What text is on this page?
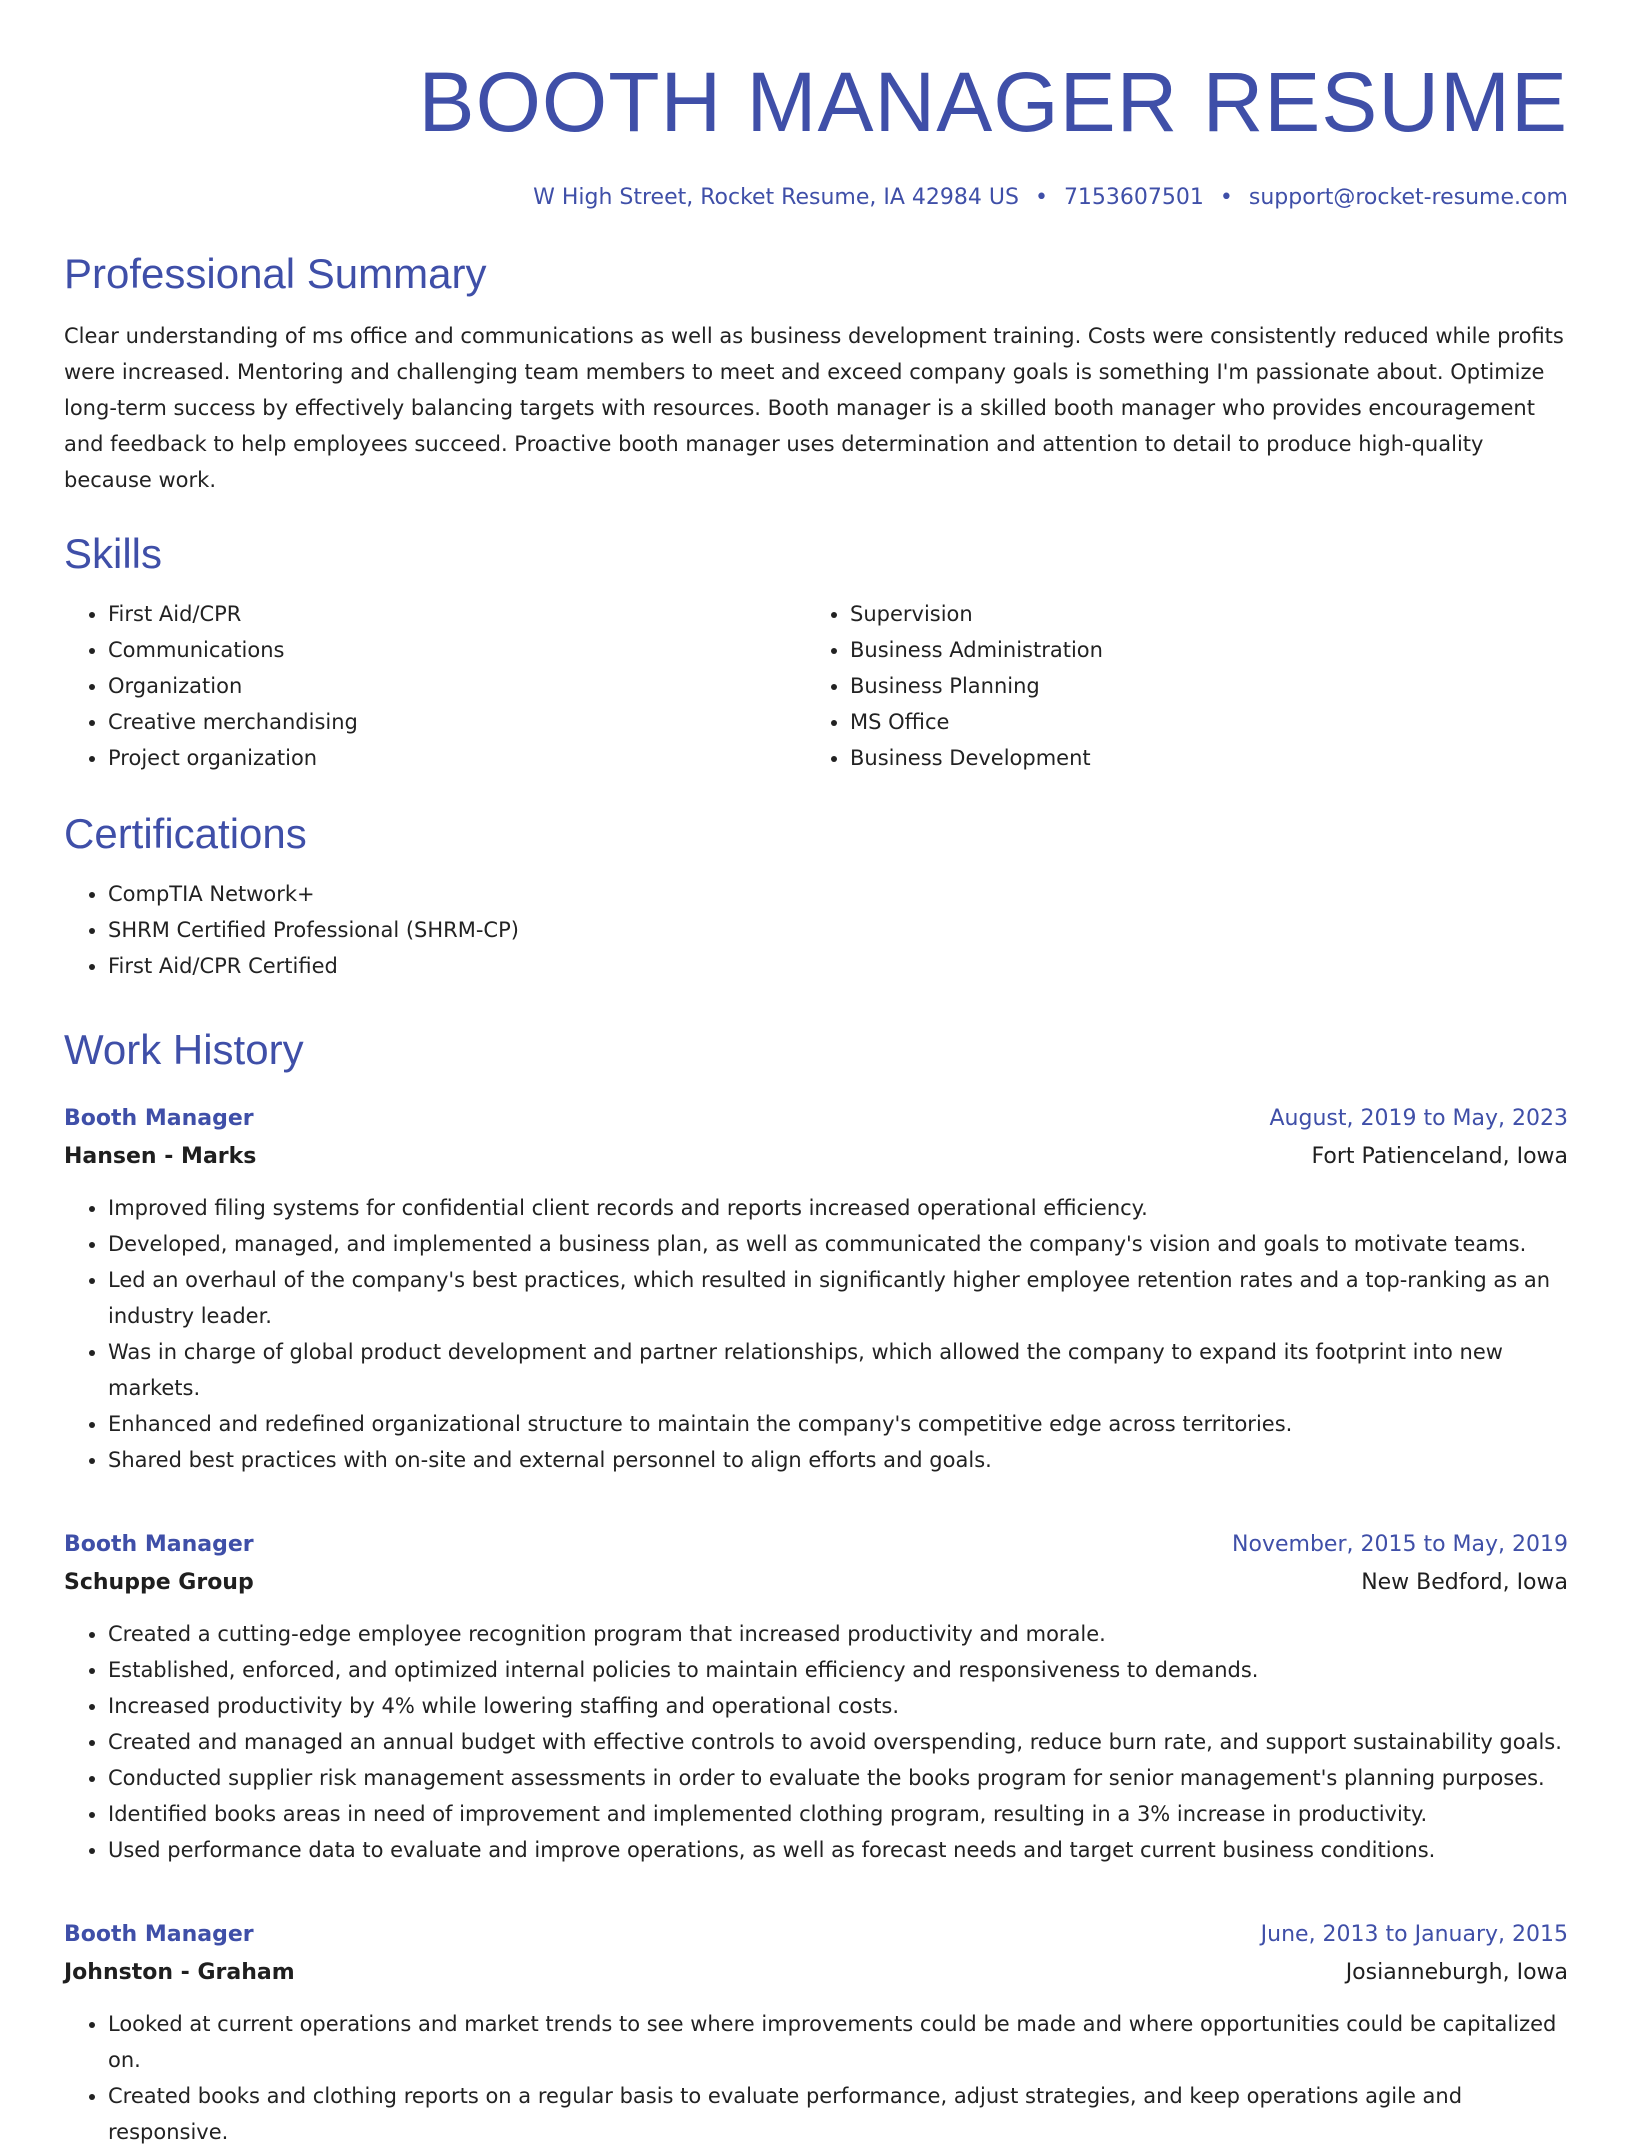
BOOTH MANAGER RESUME
W High Street, Rocket Resume, IA 42984 US • 7153607501 • support@rocket-resume.com
Professional Summary

Clear understanding of ms office and communications as well as business development training. Costs were consistently reduced while profits were increased. Mentoring and challenging team members to meet and exceed company goals is something I'm passionate about. Optimize long-term success by effectively balancing targets with resources. Booth manager is a skilled booth manager who provides encouragement and feedback to help employees succeed. Proactive booth manager uses determination and attention to detail to produce high-quality because work.

Skills
• First Aid/CPR
• Communications
• Organization
• Creative merchandising
• Project organization
• Supervision
• Business Administration
• Business Planning
• MS Office
• Business Development
Certifications
• CompTIA Network+
• SHRM Certified Professional (SHRM-CP)
• First Aid/CPR Certified
Work History
Booth Manager	August, 2019 to May, 2023
Hansen - Marks	Fort Patienceland, Iowa
• Improved filing systems for confidential client records and reports increased operational efficiency.
• Developed, managed, and implemented a business plan, as well as communicated the company's vision and goals to motivate teams.
• Led an overhaul of the company's best practices, which resulted in significantly higher employee retention rates and a top-ranking as an industry leader.
• Was in charge of global product development and partner relationships, which allowed the company to expand its footprint into new markets.
• Enhanced and redefined organizational structure to maintain the company's competitive edge across territories.
• Shared best practices with on-site and external personnel to align efforts and goals.
Booth Manager	November, 2015 to May, 2019
Schuppe Group	New Bedford, Iowa
• Created a cutting-edge employee recognition program that increased productivity and morale.
• Established, enforced, and optimized internal policies to maintain efficiency and responsiveness to demands.
• Increased productivity by 4% while lowering staffing and operational costs.
• Created and managed an annual budget with effective controls to avoid overspending, reduce burn rate, and support sustainability goals.
• Conducted supplier risk management assessments in order to evaluate the books program for senior management's planning purposes.
• Identified books areas in need of improvement and implemented clothing program, resulting in a 3% increase in productivity.
• Used performance data to evaluate and improve operations, as well as forecast needs and target current business conditions.
Booth Manager	June, 2013 to January, 2015
Johnston - Graham	Josianneburgh, Iowa
• Looked at current operations and market trends to see where improvements could be made and where opportunities could be capitalized on.
• Created books and clothing reports on a regular basis to evaluate performance, adjust strategies, and keep operations agile and responsive.
